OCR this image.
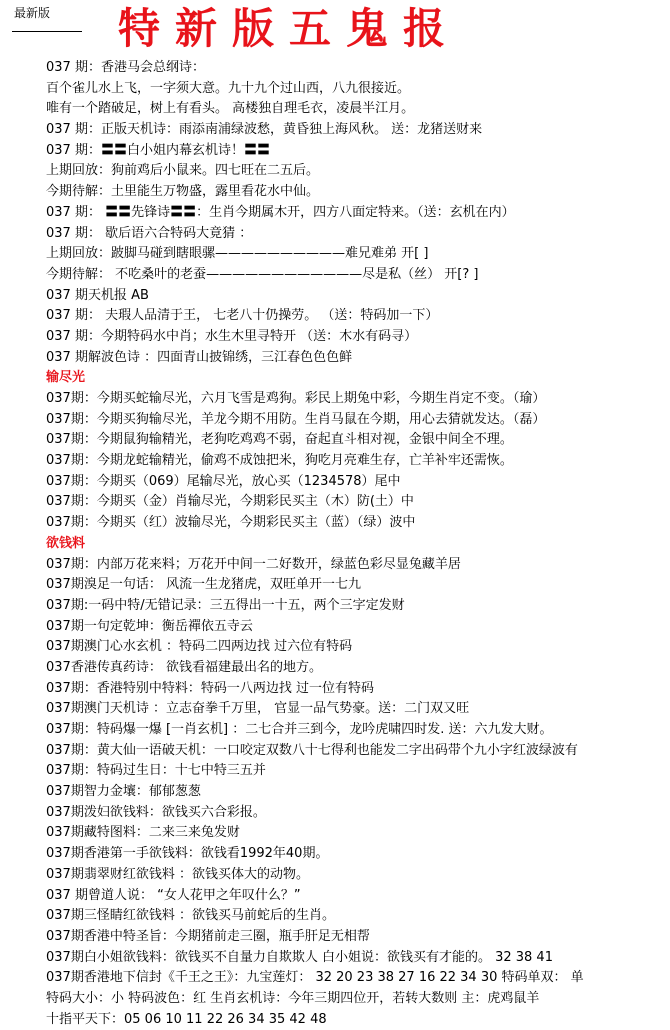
最新版 特新版五鬼报
037 期：香港马会总纲诗：
百个雀儿水上飞，一字须大意。九十九个过山西，八九很接近。
唯有一个踏破足，树上有看头。 高楼独自理毛衣，凌晨半江月。
037 期：正版天机诗：雨添南浦绿波愁，黄昏独上海风秋。 送：龙猪送财来
037 期：〓〓白小姐内幕玄机诗！〓〓
上期回放：狗前鸡后小鼠来。四七旺在二五后。
今期待解：土里能生万物盛，露里看花水中仙。
037 期： 〓〓先锋诗〓〓：生肖今期属木开，四方八面定特来。（送：玄机在内）
037 期： 歇后语六合特码大竟猜 ：
上期回放：跛脚马碰到瞎眼骡——————————难兄难弟 开[ ]
今期待解： 不吃桑叶的老蚕————————————尽是私（丝） 开[? ]
037 期天机报 AB
037 期： 夫瑕人品清于王， 七老八十仍操劳。 （送：特码加一下）
037 期：今期特码水中肖；水生木里寻特开 （送：木水有码寻）
037 期解波色诗 ：四面青山披锦绣，三江春色色色鲜
输尽光
037期：今期买蛇输尽光，六月飞雪是鸡狗。彩民上期兔中彩，今期生肖定不变。（瑜）
037期：今期买狗输尽光，羊龙今期不用防。生肖马鼠在今期，用心去猜就发达。（磊）
037期：今期鼠狗输精光，老狗吃鸡鸡不弱，奋起直斗相对视，金银中间全不理。
037期：今期龙蛇输精光，偷鸡不成蚀把米，狗吃月亮难生存，亡羊补牢还需恢。
037期：今期买（069）尾输尽光，放心买（1234578）尾中
037期：今期买（金）肖输尽光，今期彩民买主（木）防(土）中
037期：今期买（红）波输尽光，今期彩民买主（蓝）（绿）波中
欲钱料
037期：内部万花来料；万花开中间一二好数开，绿蓝色彩尽显兔藏羊居
037期溴足一句话： 风流一生龙猪虎，双旺单开一七九
037期:一码中特/无错记录：三五得出一十五，两个三字定发财
037期一句定乾坤：衡岳禪依五寺云
037期澳门心水玄机 ：特码二四两边找 过六位有特码
037香港传真药诗： 欲钱看福建最出名的地方。
037期：香港特别中特料：特码一八两边找 过一位有特码
037期澳门天机诗 ：立志奋拳千万里， 官显一品气势豪。送：二门双又旺
037期：特码爆一爆 [一肖玄机] ：二七合并三到今，龙吟虎啸四时发. 送：六九发大财。
037期：黄大仙一语破天机：一口咬定双数八十七得利也能发二字出码带个九小字红波绿波有
037期：特码过生日：十七中特三五并
037期智力金壤：郁郁葱葱
037期泼妇欲钱料：欲钱买六合彩报。
037期藏特图料：二来三来兔发财
037期香港第一手欲钱料：欲钱看1992年40期。
037期翡翠财红欲钱料 ：欲钱买体大的动物。
037 期曾道人说： “女人花甲之年叹什么？”
037期三怪睛红欲钱料 ：欲钱买马前蛇后的生肖。
037期香港中特圣旨：今期猪前走三圈，瓶手肝足无相帮
037期白小姐欲钱料：欲钱买不自量力自欺欺人 白小姐说：欲钱买有才能的。 32 38 41
037期香港地下信封《千王之王》：九宝莲灯： 32 20 23 38 27 16 22 34 30 特码单双： 单
特码大小：小 特码波色：红 生肖玄机诗：今年三期四位开，若转大数则 主：虎鸡鼠羊
十指平天下：05 06 10 11 22 26 34 35 42 48
